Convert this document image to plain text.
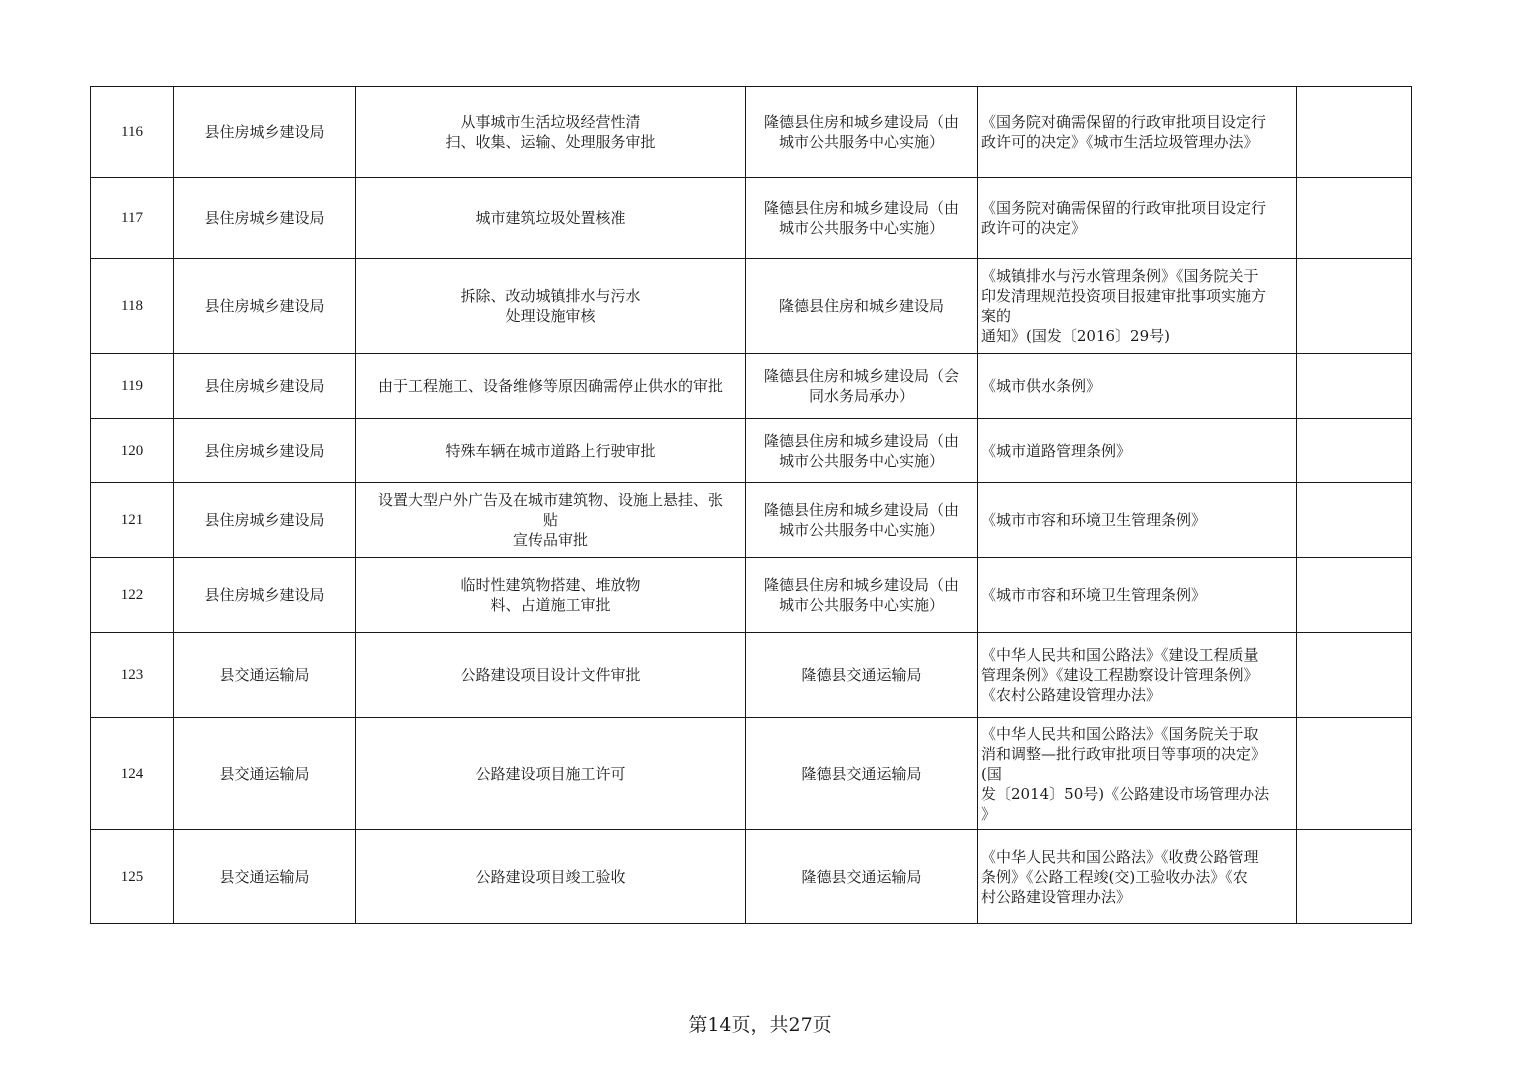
116	县住房城乡建设局	从事城市生活垃圾经营性清
扫、收集、运输、处理服务审批	隆德县住房和城乡建设局（由
城市公共服务中心实施）	《国务院对确需保留的行政审批项目设定行
政许可的决定》《城市生活垃圾管理办法》	

117	县住房城乡建设局	城市建筑垃圾处置核准	隆德县住房和城乡建设局（由
城市公共服务中心实施）	《国务院对确需保留的行政审批项目设定行
政许可的决定》	

118	县住房城乡建设局	拆除、改动城镇排水与污水
处理设施审核	隆德县住房和城乡建设局	《城镇排水与污水管理条例》《国务院关于
印发清理规范投资项目报建审批事项实施方
案的
通知》(国发〔2016〕29号)	

119	县住房城乡建设局	由于工程施工、设备维修等原因确需停止供水的审批	隆德县住房和城乡建设局（会
同水务局承办）	《城市供水条例》	

120	县住房城乡建设局	特殊车辆在城市道路上行驶审批	隆德县住房和城乡建设局（由
城市公共服务中心实施）	《城市道路管理条例》	

121	县住房城乡建设局	设置大型户外广告及在城市建筑物、设施上悬挂、张
贴
宣传品审批	隆德县住房和城乡建设局（由
城市公共服务中心实施）	《城市市容和环境卫生管理条例》	

122	县住房城乡建设局	临时性建筑物搭建、堆放物
料、占道施工审批	隆德县住房和城乡建设局（由
城市公共服务中心实施）	《城市市容和环境卫生管理条例》	

123	县交通运输局	公路建设项目设计文件审批	隆德县交通运输局	《中华人民共和国公路法》《建设工程质量
管理条例》《建设工程勘察设计管理条例》
《农村公路建设管理办法》	

124	县交通运输局	公路建设项目施工许可	隆德县交通运输局	《中华人民共和国公路法》《国务院关于取
消和调整—批行政审批项目等事项的决定》
(国
发〔2014〕50号)《公路建设市场管理办法
》	

125	县交通运输局	公路建设项目竣工验收	隆德县交通运输局	《中华人民共和国公路法》《收费公路管理
条例》《公路工程竣(交)工验收办法》《农
村公路建设管理办法》	

第14页，共27页
